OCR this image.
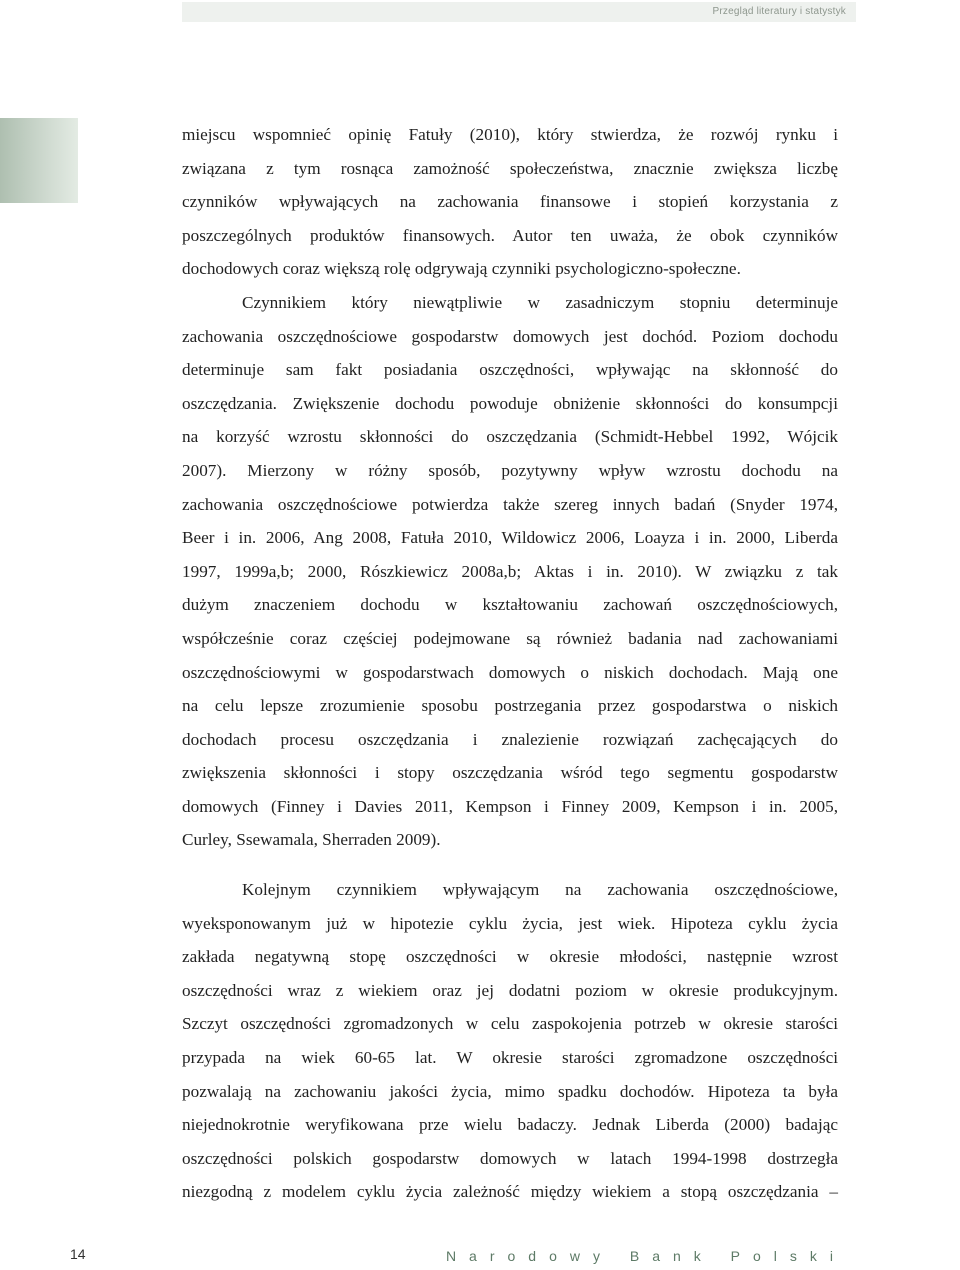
Przegląd literatury i statystyk
miejscu wspomnieć opinię Fatuły (2010), który stwierdza, że rozwój rynku i
związana z tym rosnąca zamożność społeczeństwa, znacznie zwiększa liczbę
czynników wpływających na zachowania finansowe i stopień korzystania z
poszczególnych produktów finansowych. Autor ten uważa, że obok czynników
dochodowych coraz większą rolę odgrywają czynniki psychologiczno-społeczne.
Czynnikiem który niewątpliwie w zasadniczym stopniu determinuje
zachowania oszczędnościowe gospodarstw domowych jest dochód. Poziom dochodu
determinuje sam fakt posiadania oszczędności, wpływając na skłonność do
oszczędzania. Zwiększenie dochodu powoduje obniżenie skłonności do konsumpcji
na korzyść wzrostu skłonności do oszczędzania (Schmidt-Hebbel 1992, Wójcik
2007). Mierzony w różny sposób, pozytywny wpływ wzrostu dochodu na
zachowania oszczędnościowe potwierdza także szereg innych badań (Snyder 1974,
Beer i in. 2006, Ang 2008, Fatuła 2010, Wildowicz 2006, Loayza i in. 2000, Liberda
1997, 1999a,b; 2000, Rószkiewicz 2008a,b; Aktas i in. 2010). W związku z tak
dużym znaczeniem dochodu w kształtowaniu zachowań oszczędnościowych,
współcześnie coraz częściej podejmowane są również badania nad zachowaniami
oszczędnościowymi w gospodarstwach domowych o niskich dochodach. Mają one
na celu lepsze zrozumienie sposobu postrzegania przez gospodarstwa o niskich
dochodach procesu oszczędzania i znalezienie rozwiązań zachęcających do
zwiększenia skłonności i stopy oszczędzania wśród tego segmentu gospodarstw
domowych (Finney i Davies 2011, Kempson i Finney 2009, Kempson i in. 2005,
Curley, Ssewamala, Sherraden 2009).
Kolejnym czynnikiem wpływającym na zachowania oszczędnościowe,
wyeksponowanym już w hipotezie cyklu życia, jest wiek. Hipoteza cyklu życia
zakłada negatywną stopę oszczędności w okresie młodości, następnie wzrost
oszczędności wraz z wiekiem oraz jej dodatni poziom w okresie produkcyjnym.
Szczyt oszczędności zgromadzonych w celu zaspokojenia potrzeb w okresie starości
przypada na wiek 60-65 lat. W okresie starości zgromadzone oszczędności
pozwalają na zachowaniu jakości życia, mimo spadku dochodów. Hipoteza ta była
niejednokrotnie weryfikowana prze wielu badaczy. Jednak Liberda (2000) badając
oszczędności polskich gospodarstw domowych w latach 1994-1998 dostrzegła
niezgodną z modelem cyklu życia zależność między wiekiem a stopą oszczędzania –
14	Narodowy Bank Polski
